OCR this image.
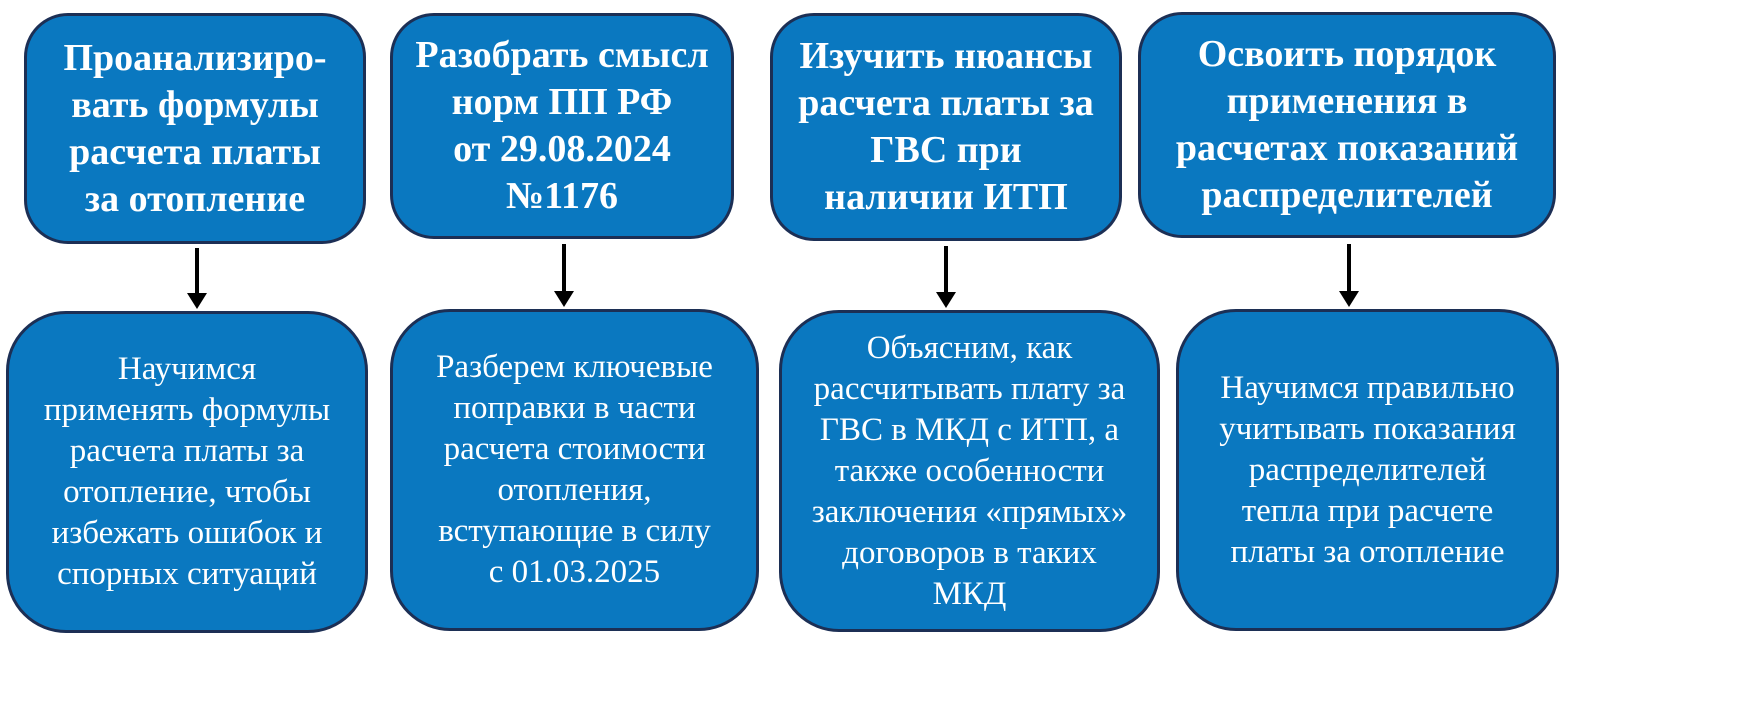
Проанализиро-
вать формулы
расчета платы
за отопление
Научимся
применять формулы
расчета платы за
отопление, чтобы
избежать ошибок и
спорных ситуаций
Разобрать смысл
норм ПП РФ
от 29.08.2024
№1176
Разберем ключевые
поправки в части
расчета стоимости
отопления,
вступающие в силу
с 01.03.2025
Изучить нюансы
расчета платы за
ГВС при
наличии ИТП
Объясним, как
рассчитывать плату за
ГВС в МКД с ИТП, а
также особенности
заключения «прямых»
договоров в таких
МКД
Освоить порядок
применения в
расчетах показаний
распределителей
Научимся правильно
учитывать показания
распределителей
тепла при расчете
платы за отопление
